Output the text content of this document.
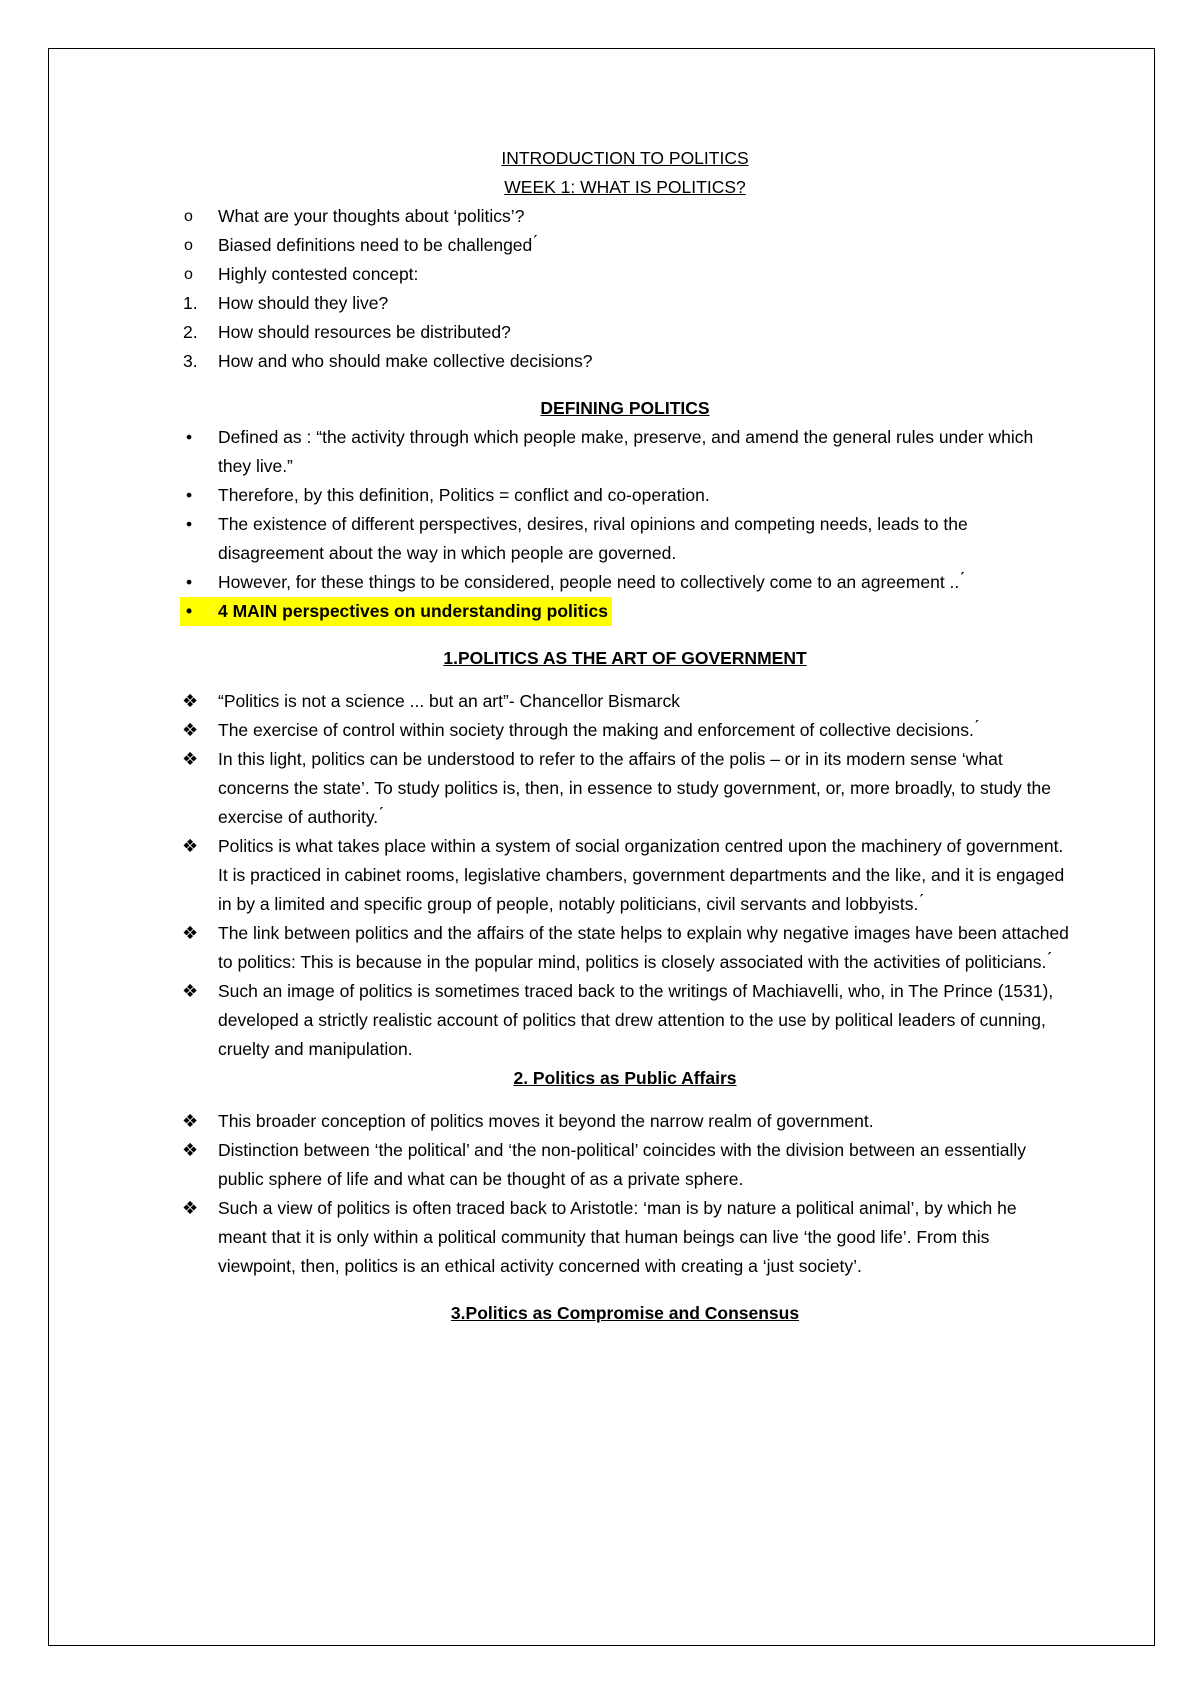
INTRODUCTION TO POLITICS

WEEK 1: WHAT IS POLITICS?

o	What are your thoughts about ‘politics’?
o	Biased definitions need to be challenged ́
o	Highly contested concept:
1.	How should they live?
2.	How should resources be distributed?
3.	How and who should make collective decisions?

DEFINING POLITICS

•	Defined as : “the activity through which people make, preserve, and amend the general rules under which they live.”
•	Therefore, by this definition, Politics = conflict and co-operation.
•	The existence of different perspectives, desires, rival opinions and competing needs, leads to the disagreement about the way in which people are governed.
•	However, for these things to be considered, people need to collectively come to an agreement .. ́
•	4 MAIN perspectives on understanding politics

1.POLITICS AS THE ART OF GOVERNMENT

❖	“Politics is not a science ... but an art”- Chancellor Bismarck
❖	The exercise of control within society through the making and enforcement of collective decisions. ́
❖	In this light, politics can be understood to refer to the affairs of the polis – or in its modern sense ‘what concerns the state’. To study politics is, then, in essence to study government, or, more broadly, to study the exercise of authority. ́
❖	Politics is what takes place within a system of social organization centred upon the machinery of government. It is practiced in cabinet rooms, legislative chambers, government departments and the like, and it is engaged in by a limited and specific group of people, notably politicians, civil servants and lobbyists. ́
❖	The link between politics and the affairs of the state helps to explain why negative images have been attached to politics: This is because in the popular mind, politics is closely associated with the activities of politicians. ́
❖	Such an image of politics is sometimes traced back to the writings of Machiavelli, who, in The Prince (1531), developed a strictly realistic account of politics that drew attention to the use by political leaders of cunning, cruelty and manipulation.

2. Politics as Public Affairs

❖	This broader conception of politics moves it beyond the narrow realm of government.
❖	Distinction between ‘the political’ and ‘the non-political’ coincides with the division between an essentially public sphere of life and what can be thought of as a private sphere.
❖	Such a view of politics is often traced back to Aristotle: ‘man is by nature a political animal’, by which he meant that it is only within a political community that human beings can live ‘the good life’. From this viewpoint, then, politics is an ethical activity concerned with creating a ‘just society’.

3.Politics as Compromise and Consensus
